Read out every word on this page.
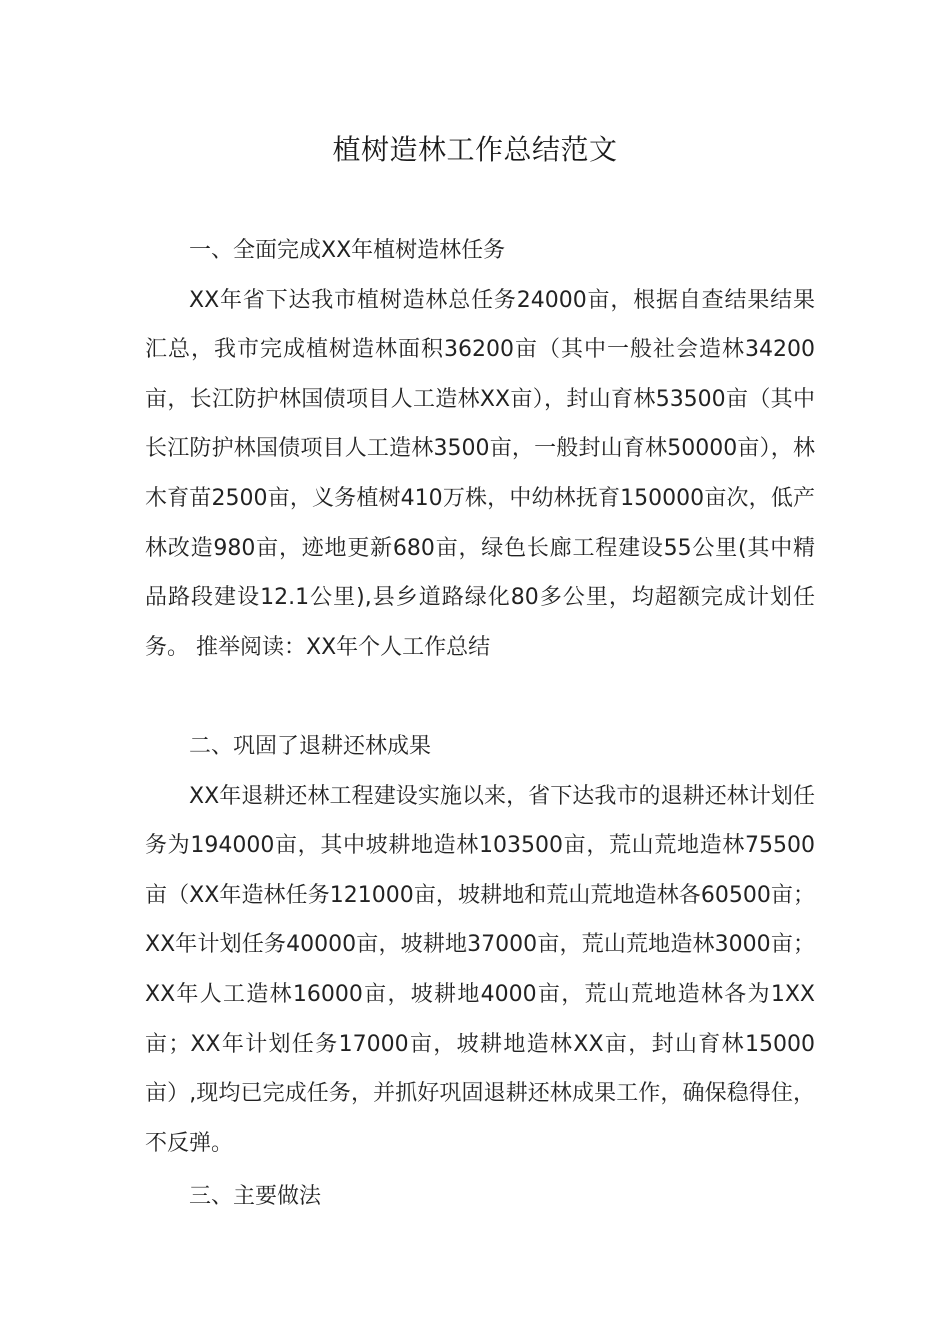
植树造林工作总结范文

一、全面完成XX年植树造林任务

XX年省下达我市植树造林总任务24000亩，根据自查结果结果汇总，我市完成植树造林面积36200亩（其中一般社会造林34200亩，长江防护林国债项目人工造林XX亩），封山育林53500亩（其中长江防护林国债项目人工造林3500亩，一般封山育林50000亩），林木育苗2500亩，义务植树410万株，中幼林抚育150000亩次，低产林改造980亩，迹地更新680亩，绿色长廊工程建设55公里(其中精品路段建设12.1公里),县乡道路绿化80多公里，均超额完成计划任务。 推举阅读：XX年个人工作总结

二、巩固了退耕还林成果

XX年退耕还林工程建设实施以来，省下达我市的退耕还林计划任务为194000亩，其中坡耕地造林103500亩，荒山荒地造林75500亩（XX年造林任务121000亩，坡耕地和荒山荒地造林各60500亩；XX年计划任务40000亩，坡耕地37000亩，荒山荒地造林3000亩；XX年人工造林16000亩，坡耕地4000亩，荒山荒地造林各为1XX亩；XX年计划任务17000亩，坡耕地造林XX亩，封山育林15000亩）,现均已完成任务，并抓好巩固退耕还林成果工作，确保稳得住，不反弹。

三、主要做法
